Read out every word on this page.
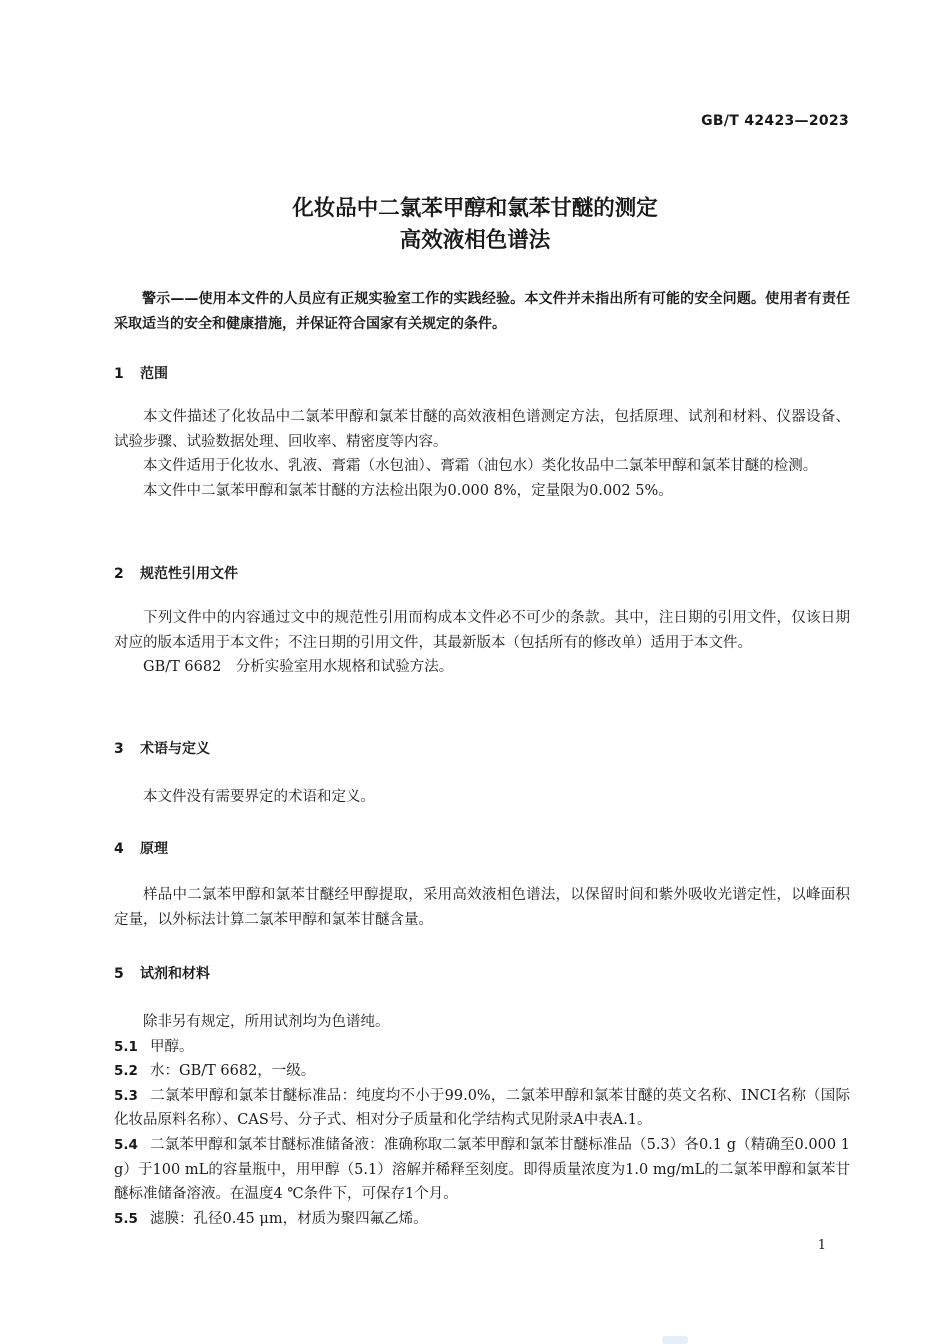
GB/T 42423—2023
化妆品中二氯苯甲醇和氯苯甘醚的测定
高效液相色谱法
警示——使用本文件的人员应有正规实验室工作的实践经验。本文件并未指出所有可能的安全问题。使用者有责任采取适当的安全和健康措施，并保证符合国家有关规定的条件。
1 范围

本文件描述了化妆品中二氯苯甲醇和氯苯甘醚的高效液相色谱测定方法，包括原理、试剂和材料、仪器设备、试验步骤、试验数据处理、回收率、精密度等内容。

本文件适用于化妆水、乳液、膏霜（水包油）、膏霜（油包水）类化妆品中二氯苯甲醇和氯苯甘醚的检测。

本文件中二氯苯甲醇和氯苯甘醚的方法检出限为0.000 8%，定量限为0.002 5%。

2 规范性引用文件

下列文件中的内容通过文中的规范性引用而构成本文件必不可少的条款。其中，注日期的引用文件，仅该日期对应的版本适用于本文件；不注日期的引用文件，其最新版本（包括所有的修改单）适用于本文件。

GB/T 6682　分析实验室用水规格和试验方法。

3 术语与定义

本文件没有需要界定的术语和定义。

4 原理

样品中二氯苯甲醇和氯苯甘醚经甲醇提取，采用高效液相色谱法，以保留时间和紫外吸收光谱定性，以峰面积定量，以外标法计算二氯苯甲醇和氯苯甘醚含量。

5 试剂和材料

除非另有规定，所用试剂均为色谱纯。

5.1 甲醇。

5.2 水：GB/T 6682，一级。

5.3 二氯苯甲醇和氯苯甘醚标准品：纯度均不小于99.0%，二氯苯甲醇和氯苯甘醚的英文名称、INCI名称（国际化妆品原料名称）、CAS号、分子式、相对分子质量和化学结构式见附录A中表A.1。

5.4 二氯苯甲醇和氯苯甘醚标准储备液：准确称取二氯苯甲醇和氯苯甘醚标准品（5.3）各0.1 g（精确至0.000 1 g）于100 mL的容量瓶中，用甲醇（5.1）溶解并稀释至刻度。即得质量浓度为1.0 mg/mL的二氯苯甲醇和氯苯甘醚标准储备溶液。在温度4 ℃条件下，可保存1个月。

5.5 滤膜：孔径0.45 μm，材质为聚四氟乙烯。

1
